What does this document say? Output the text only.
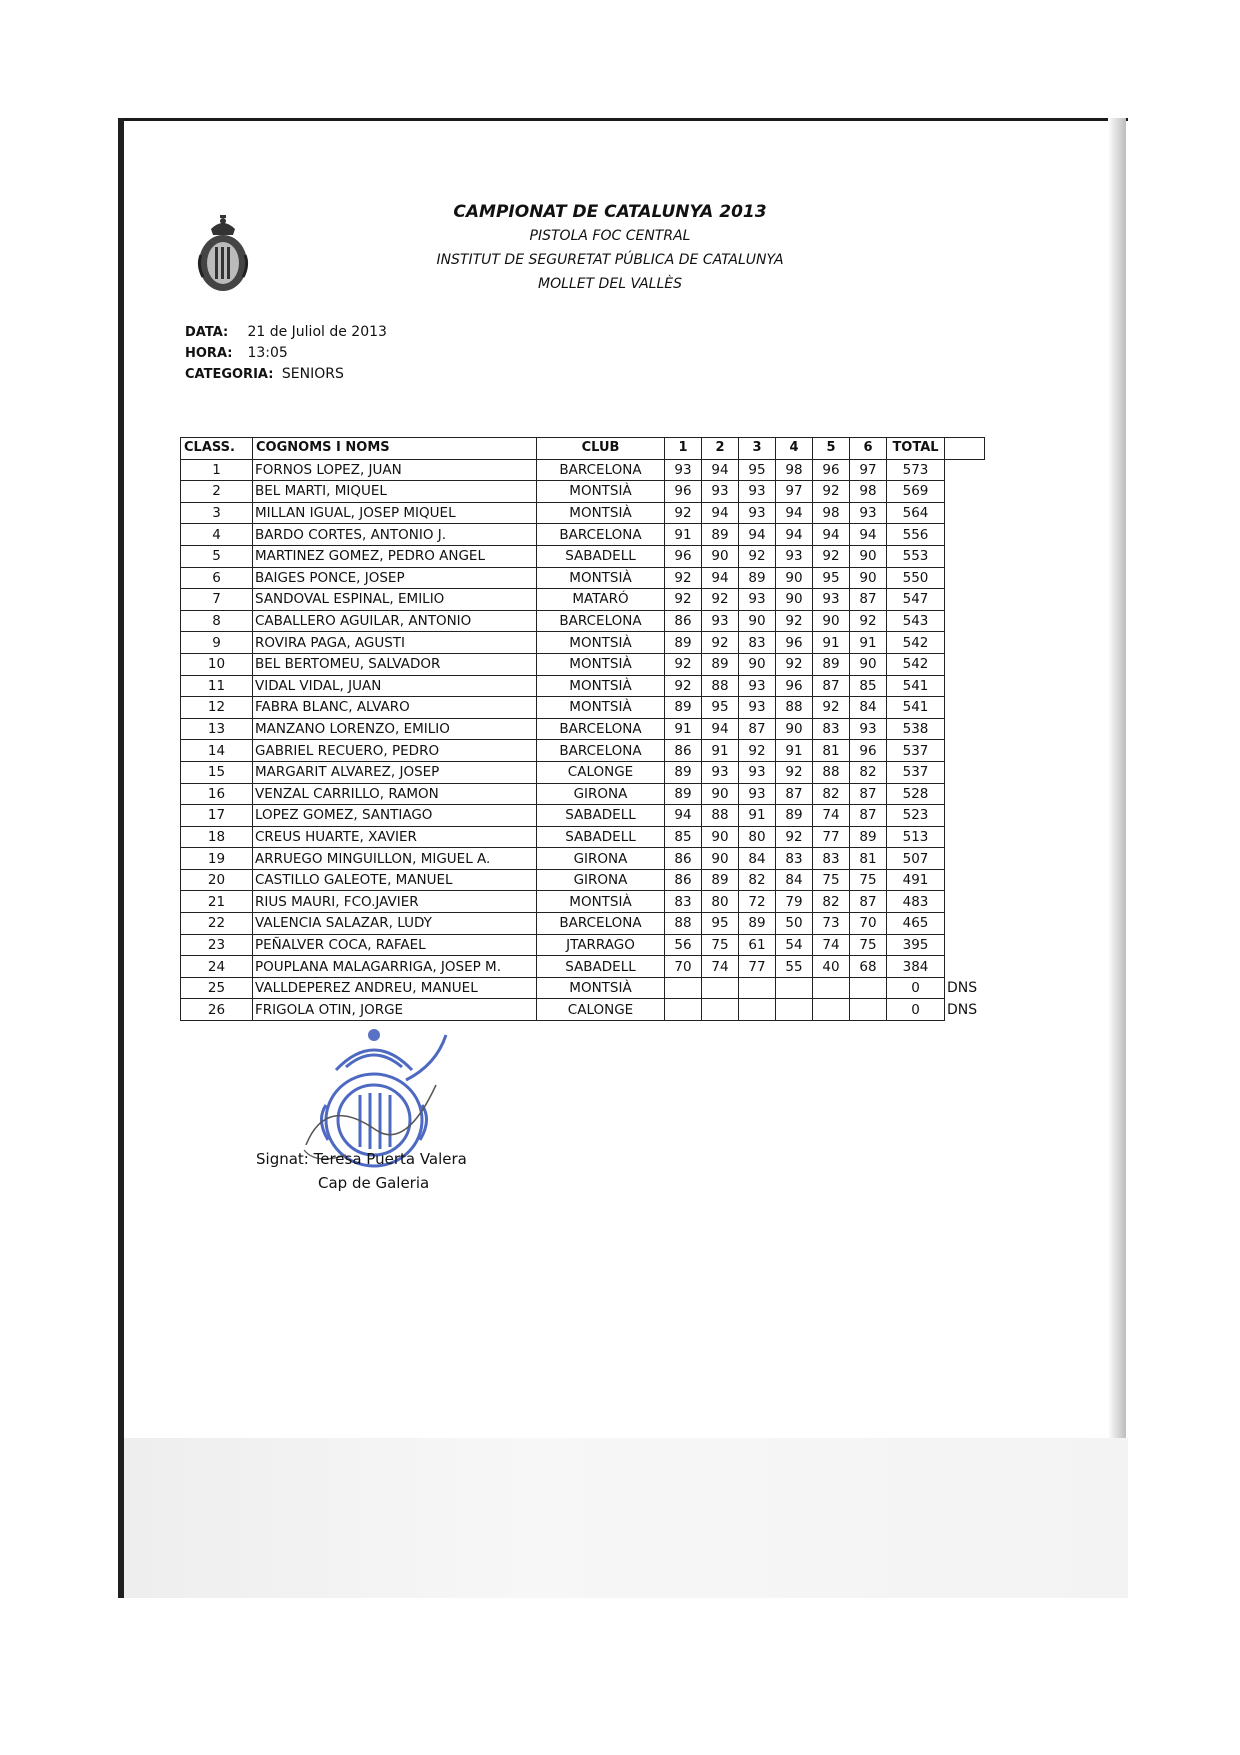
CAMPIONAT DE CATALUNYA 2013
PISTOLA FOC CENTRAL
INSTITUT DE SEGURETAT PÚBLICA DE CATALUNYA
MOLLET DEL VALLÈS
DATA: 21 de Juliol de 2013
HORA: 13:05
CATEGORIA: SENIORS
CLASS.	COGNOMS I NOMS	CLUB	1	2	3	4	5	6	TOTAL	
1	FORNOS LOPEZ, JUAN	BARCELONA	93	94	95	98	96	97	573	
2	BEL MARTI, MIQUEL	MONTSIÀ	96	93	93	97	92	98	569	
3	MILLAN IGUAL, JOSEP MIQUEL	MONTSIÀ	92	94	93	94	98	93	564	
4	BARDO CORTES, ANTONIO J.	BARCELONA	91	89	94	94	94	94	556	
5	MARTINEZ GOMEZ, PEDRO ANGEL	SABADELL	96	90	92	93	92	90	553	
6	BAIGES PONCE, JOSEP	MONTSIÀ	92	94	89	90	95	90	550	
7	SANDOVAL ESPINAL, EMILIO	MATARÓ	92	92	93	90	93	87	547	
8	CABALLERO AGUILAR, ANTONIO	BARCELONA	86	93	90	92	90	92	543	
9	ROVIRA PAGA, AGUSTI	MONTSIÀ	89	92	83	96	91	91	542	
10	BEL BERTOMEU, SALVADOR	MONTSIÀ	92	89	90	92	89	90	542	
11	VIDAL VIDAL, JUAN	MONTSIÀ	92	88	93	96	87	85	541	
12	FABRA BLANC, ALVARO	MONTSIÀ	89	95	93	88	92	84	541	
13	MANZANO LORENZO, EMILIO	BARCELONA	91	94	87	90	83	93	538	
14	GABRIEL RECUERO, PEDRO	BARCELONA	86	91	92	91	81	96	537	
15	MARGARIT ALVAREZ, JOSEP	CALONGE	89	93	93	92	88	82	537	
16	VENZAL CARRILLO, RAMON	GIRONA	89	90	93	87	82	87	528	
17	LOPEZ GOMEZ, SANTIAGO	SABADELL	94	88	91	89	74	87	523	
18	CREUS HUARTE, XAVIER	SABADELL	85	90	80	92	77	89	513	
19	ARRUEGO MINGUILLON, MIGUEL A.	GIRONA	86	90	84	83	83	81	507	
20	CASTILLO GALEOTE, MANUEL	GIRONA	86	89	82	84	75	75	491	
21	RIUS MAURI, FCO.JAVIER	MONTSIÀ	83	80	72	79	82	87	483	
22	VALENCIA SALAZAR, LUDY	BARCELONA	88	95	89	50	73	70	465	
23	PEÑALVER COCA, RAFAEL	JTARRAGO	56	75	61	54	74	75	395	
24	POUPLANA MALAGARRIGA, JOSEP M.	SABADELL	70	74	77	55	40	68	384	
25	VALLDEPEREZ ANDREU, MANUEL	MONTSIÀ							0	DNS
26	FRIGOLA OTIN, JORGE	CALONGE							0	DNS
Signat: Teresa Puerta Valera
Cap de Galeria
